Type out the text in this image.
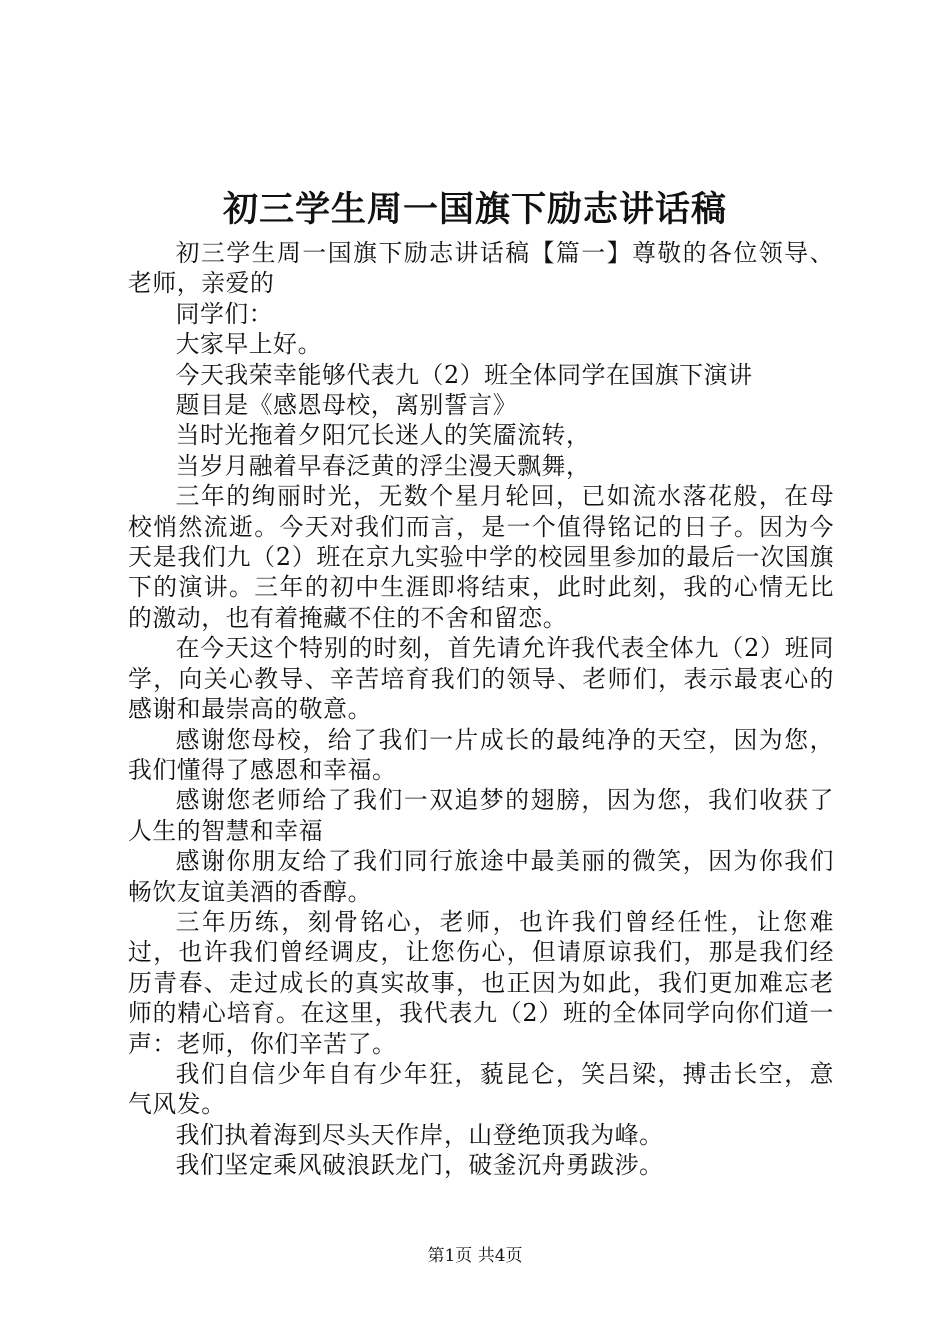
初三学生周一国旗下励志讲话稿

初三学生周一国旗下励志讲话稿【篇一】尊敬的各位领导、老师，亲爱的

同学们：

大家早上好。

今天我荣幸能够代表九（2）班全体同学在国旗下演讲

题目是《感恩母校，离别誓言》

当时光拖着夕阳冗长迷人的笑靥流转，

当岁月融着早春泛黄的浮尘漫天飘舞，

三年的绚丽时光，无数个星月轮回，已如流水落花般，在母校悄然流逝。今天对我们而言，是一个值得铭记的日子。因为今天是我们九（2）班在京九实验中学的校园里参加的最后一次国旗下的演讲。三年的初中生涯即将结束，此时此刻，我的心情无比的激动，也有着掩藏不住的不舍和留恋。

在今天这个特别的时刻，首先请允许我代表全体九（2）班同学，向关心教导、辛苦培育我们的领导、老师们，表示最衷心的感谢和最崇高的敬意。

感谢您母校，给了我们一片成长的最纯净的天空，因为您，我们懂得了感恩和幸福。

感谢您老师给了我们一双追梦的翅膀，因为您，我们收获了人生的智慧和幸福

感谢你朋友给了我们同行旅途中最美丽的微笑，因为你我们畅饮友谊美酒的香醇。

三年历练，刻骨铭心，老师，也许我们曾经任性，让您难过，也许我们曾经调皮，让您伤心，但请原谅我们，那是我们经历青春、走过成长的真实故事，也正因为如此，我们更加难忘老师的精心培育。在这里，我代表九（2）班的全体同学向你们道一声：老师，你们辛苦了。

我们自信少年自有少年狂，藐昆仑，笑吕梁，搏击长空，意气风发。

我们执着海到尽头天作岸，山登绝顶我为峰。

我们坚定乘风破浪跃龙门，破釜沉舟勇跋涉。

第1页 共4页
